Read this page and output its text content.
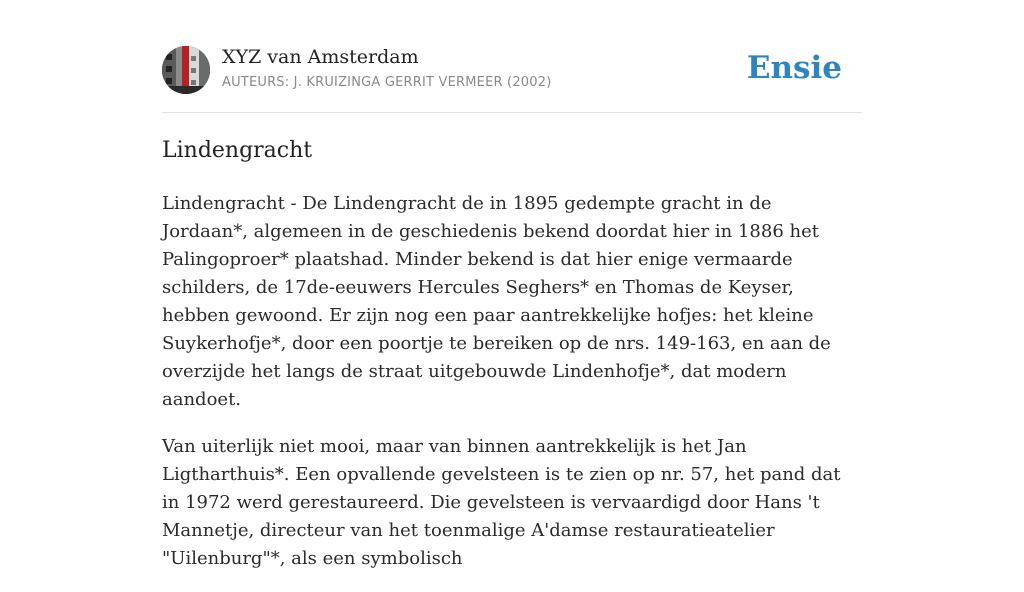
XYZ van Amsterdam
AUTEURS: J. KRUIZINGA GERRIT VERMEER (2002)	Ensie
Lindengracht

Lindengracht - De Lindengracht de in 1895 gedempte gracht in de Jordaan*, algemeen in de geschiedenis bekend doordat hier in 1886 het Palingoproer* plaatshad. Minder bekend is dat hier enige vermaarde schilders, de 17de-eeuwers Hercules Seghers* en Thomas de Keyser, hebben gewoond. Er zijn nog een paar aantrekkelijke hofjes: het kleine Suykerhofje*, door een poortje te bereiken op de nrs. 149-163, en aan de overzijde het langs de straat uitgebouwde Lindenhofje*, dat modern aandoet.

Van uiterlijk niet mooi, maar van binnen aantrekkelijk is het Jan Ligtharthuis*. Een opvallende gevelsteen is te zien op nr. 57, het pand dat in 1972 werd gerestaureerd. Die gevelsteen is vervaardigd door Hans 't Mannetje, directeur van het toenmalige A'damse restauratieatelier "Uilenburg"*, als een symbolisch
